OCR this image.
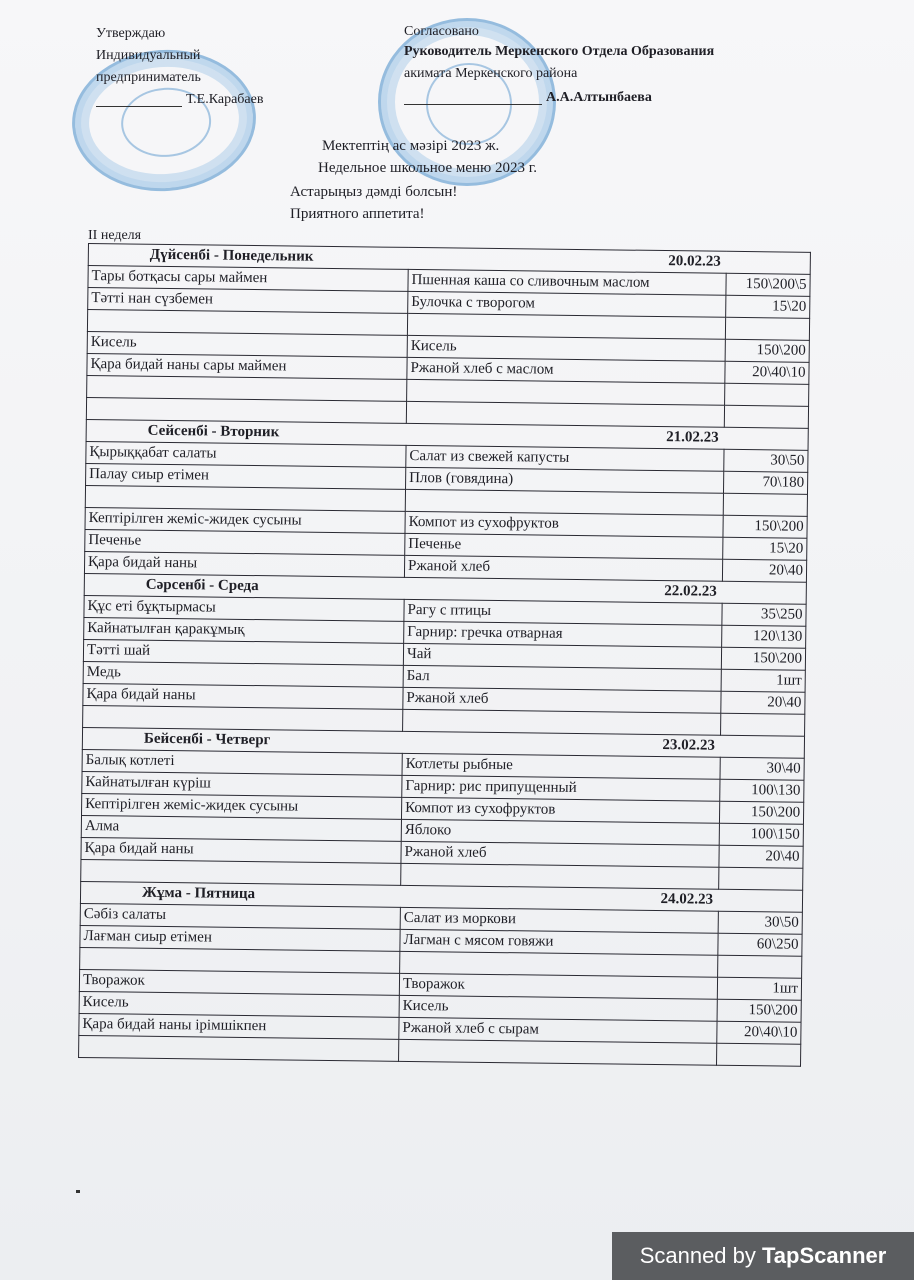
Утверждаю
Индивидуальный
предприниматель
Т.Е.Карабаев
Согласовано
Руководитель Меркенского Отдела Образования
акимата Меркенского района
А.А.Алтынбаева
Мектептің ас мәзірі 2023 ж.
Недельное школьное меню 2023 г.
Астарыңыз дәмді болсын!
Приятного аппетита!
II неделя
Дүйсенбі - Понедельник 20.02.23		

Тары ботқасы сары маймен	Пшенная каша со сливочным маслом	150\200\5
Тәтті нан сүзбемен	Булочка с творогом	15\20

Кисель	Кисель	150\200
Қара бидай наны сары маймен	Ржаной хлеб с маслом	20\40\10

Сейсенбі - Вторник 21.02.23		

Қырыққабат салаты	Салат из свежей капусты	30\50
Палау сиыр етімен	Плов (говядина)	70\180

Кептірілген жеміс-жидек сусыны	Компот из сухофруктов	150\200
Печенье	Печенье	15\20
Қара бидай наны	Ржаной хлеб	20\40
Сәрсенбі - Среда 22.02.23		

Құс еті бұқтырмасы	Рагу с птицы	35\250
Кайнатылған қаракұмық	Гарнир: гречка отварная	120\130
Тәтті шай	Чай	150\200
Медь	Бал	1шт
Қара бидай наны	Ржаной хлеб	20\40

Бейсенбі - Четверг 23.02.23		

Балық котлеті	Котлеты рыбные	30\40
Кайнатылған күріш	Гарнир: рис припущенный	100\130
Кептірілген жеміс-жидек сусыны	Компот из сухофруктов	150\200
Алма	Яблоко	100\150
Қара бидай наны	Ржаной хлеб	20\40

Жұма - Пятница 24.02.23		

Сәбіз салаты	Салат из моркови	30\50
Лағман сиыр етімен	Лагман с мясом говяжи	60\250

Творажок	Творажок	1шт
Кисель	Кисель	150\200
Қара бидай наны ірімшікпен	Ржаной хлеб с сырам	20\40\10

Scanned by TapScanner
